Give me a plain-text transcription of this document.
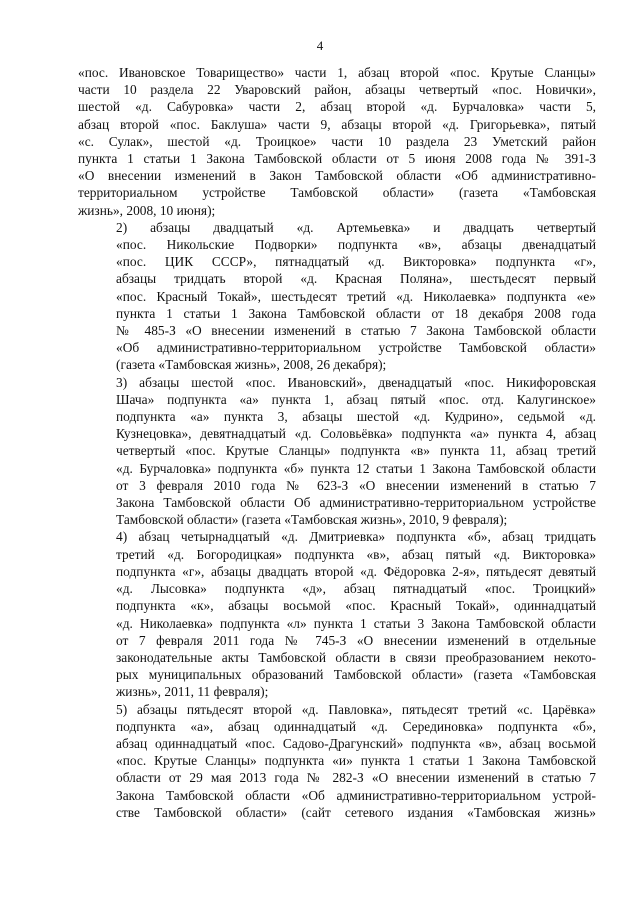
4

«пос. Ивановское Товарищество» части 1, абзац второй «пос. Крутые Сланцы»
части 10 раздела 22 Уваровский район, абзацы четвертый «пос. Новички»,
шестой «д. Сабуровка» части 2, абзац второй «д. Бурчаловка» части 5,
абзац второй «пос. Баклуша» части 9, абзацы второй «д. Григорьевка», пятый
«с. Сулак», шестой «д. Троицкое» части 10 раздела 23 Уметский район
пункта 1 статьи 1 Закона Тамбовской области от 5 июня 2008 года № 391-З
«О внесении изменений в Закон Тамбовской области «Об административно-
территориальном устройстве Тамбовской области» (газета «Тамбовская
жизнь», 2008, 10 июня);

2) абзацы двадцатый «д. Артемьевка» и двадцать четвертый
«пос. Никольские Подворки» подпункта «в», абзацы двенадцатый
«пос. ЦИК СССР», пятнадцатый «д. Викторовка» подпункта «г»,
абзацы тридцать второй «д. Красная Поляна», шестьдесят первый
«пос. Красный Токай», шестьдесят третий «д. Николаевка» подпункта «е»
пункта 1 статьи 1 Закона Тамбовской области от 18 декабря 2008 года
№ 485-З «О внесении изменений в статью 7 Закона Тамбовской области
«Об административно-территориальном устройстве Тамбовской области»
(газета «Тамбовская жизнь», 2008, 26 декабря);

3) абзацы шестой «пос. Ивановский», двенадцатый «пос. Никифоровская
Шача» подпункта «а» пункта 1, абзац пятый «пос. отд. Калугинское»
подпункта «а» пункта 3, абзацы шестой «д. Кудрино», седьмой «д.
Кузнецовка», девятнадцатый «д. Соловьёвка» подпункта «а» пункта 4, абзац
четвертый «пос. Крутые Сланцы» подпункта «в» пункта 11, абзац третий
«д. Бурчаловка» подпункта «б» пункта 12 статьи 1 Закона Тамбовской области
от 3 февраля 2010 года № 623-З «О внесении изменений в статью 7
Закона Тамбовской области Об административно-территориальном устройстве
Тамбовской области» (газета «Тамбовская жизнь», 2010, 9 февраля);

4) абзац четырнадцатый «д. Дмитриевка» подпункта «б», абзац тридцать
третий «д. Богородицкая» подпункта «в», абзац пятый «д. Викторовка»
подпункта «г», абзацы двадцать второй «д. Фёдоровка 2-я», пятьдесят девятый
«д. Лысовка» подпункта «д», абзац пятнадцатый «пос. Троицкий»
подпункта «к», абзацы восьмой «пос. Красный Токай», одиннадцатый
«д. Николаевка» подпункта «л» пункта 1 статьи 3 Закона Тамбовской области
от 7 февраля 2011 года № 745-З «О внесении изменений в отдельные
законодательные акты Тамбовской области в связи преобразованием некото-
рых муниципальных образований Тамбовской области» (газета «Тамбовская
жизнь», 2011, 11 февраля);

5) абзацы пятьдесят второй «д. Павловка», пятьдесят третий «с. Царёвка»
подпункта «а», абзац одиннадцатый «д. Серединовка» подпункта «б»,
абзац одиннадцатый «пос. Садово-Драгунский» подпункта «в», абзац восьмой
«пос. Крутые Сланцы» подпункта «и» пункта 1 статьи 1 Закона Тамбовской
области от 29 мая 2013 года № 282-З «О внесении изменений в статью 7
Закона Тамбовской области «Об административно-территориальном устрой-
стве Тамбовской области» (сайт сетевого издания «Тамбовская жизнь»
